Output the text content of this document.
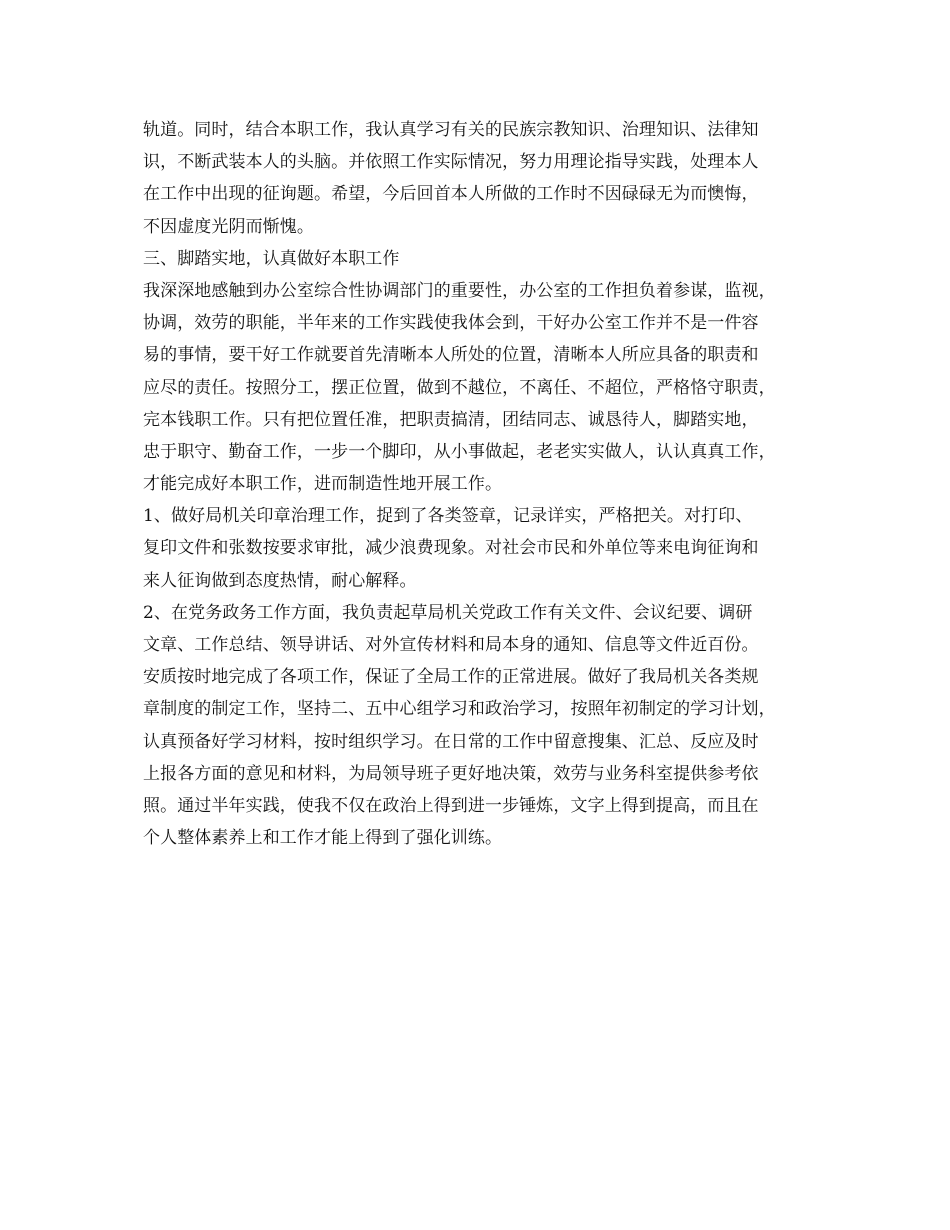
轨道。同时，结合本职工作，我认真学习有关的民族宗教知识、治理知识、法律知
识，不断武装本人的头脑。并依照工作实际情况，努力用理论指导实践，处理本人
在工作中出现的征询题。希望，今后回首本人所做的工作时不因碌碌无为而懊悔，
不因虚度光阴而惭愧。
三、脚踏实地，认真做好本职工作
我深深地感触到办公室综合性协调部门的重要性，办公室的工作担负着参谋，监视，
协调，效劳的职能，半年来的工作实践使我体会到，干好办公室工作并不是一件容
易的事情，要干好工作就要首先清晰本人所处的位置，清晰本人所应具备的职责和
应尽的责任。按照分工，摆正位置，做到不越位，不离任、不超位，严格恪守职责，
完本钱职工作。只有把位置任准，把职责搞清，团结同志、诚恳待人，脚踏实地，
忠于职守、勤奋工作，一步一个脚印，从小事做起，老老实实做人，认认真真工作，
才能完成好本职工作，进而制造性地开展工作。
1、做好局机关印章治理工作，捉到了各类签章，记录详实，严格把关。对打印、
复印文件和张数按要求审批，减少浪费现象。对社会市民和外单位等来电询征询和
来人征询做到态度热情，耐心解释。
2、在党务政务工作方面，我负责起草局机关党政工作有关文件、会议纪要、调研
文章、工作总结、领导讲话、对外宣传材料和局本身的通知、信息等文件近百份。
安质按时地完成了各项工作，保证了全局工作的正常进展。做好了我局机关各类规
章制度的制定工作，坚持二、五中心组学习和政治学习，按照年初制定的学习计划，
认真预备好学习材料，按时组织学习。在日常的工作中留意搜集、汇总、反应及时
上报各方面的意见和材料，为局领导班子更好地决策，效劳与业务科室提供参考依
照。通过半年实践，使我不仅在政治上得到进一步锤炼，文字上得到提高，而且在
个人整体素养上和工作才能上得到了强化训练。
